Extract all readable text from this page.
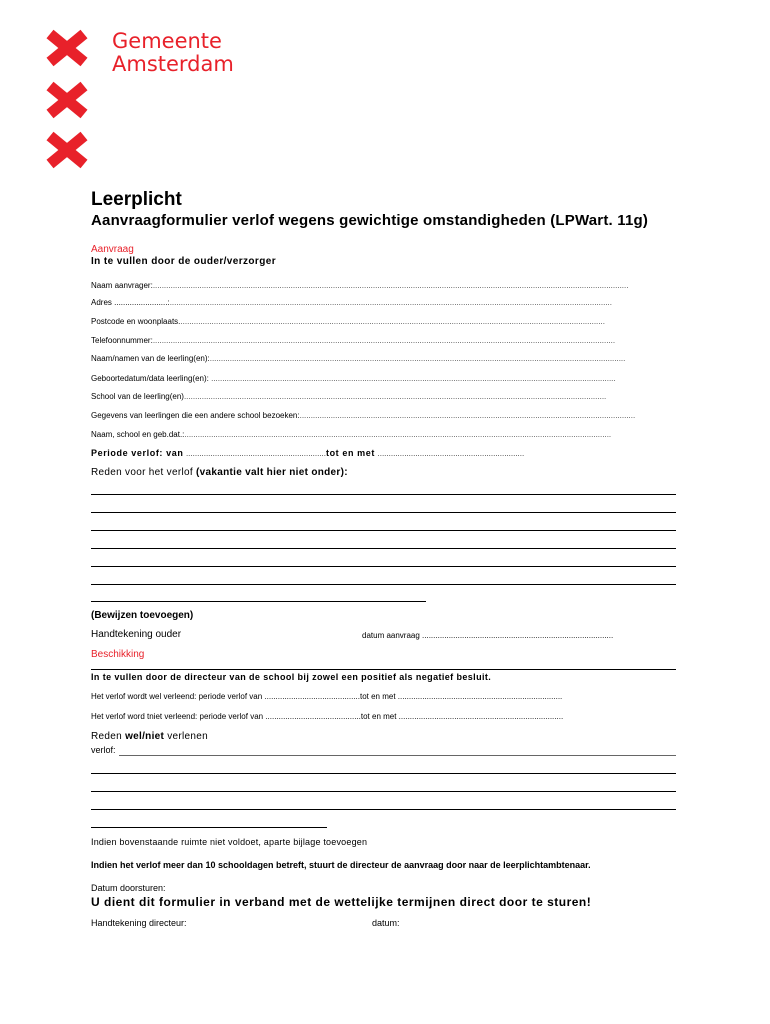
Gemeente
Amsterdam
Leerplicht
Aanvraagformulier verlof wegens gewichtige omstandigheden (LPWart. 11g)
Aanvraag
In te vullen door de ouder/verzorger
Naam aanvrager:......................................................................................................................................................................................................................
Adres ........................:.......................................................................................................................................................................................................
Postcode en woonplaats................................................................................................................................................................................................
Telefoonnummer:................................................................................................................................................................................................................
Naam/namen van de leerling(en):...........................................................................................................................................................................................
Geboortedatum/data leerling(en): ......................................................................................................................................................................................
School van de leerling(en)..............................................................................................................................................................................................
Gegevens van leerlingen die een andere school bezoeken:.......................................................................................................................................................
Naam, school en geb.dat.:................................................................................................................................................................................................
Periode verlof: van ...............................................................tot en met ..................................................................
Reden voor het verlof (vakantie valt hier niet onder):
(Bewijzen toevoegen)
Handtekening ouder	datum aanvraag ......................................................................................
Beschikking
In te vullen door de directeur van de school bij zowel een positief als negatief besluit.
Het verlof wordt wel verleend: periode verlof van ...........................................tot en met ..........................................................................
Het verlof word tniet verleend: periode verlof van ...........................................tot en met ..........................................................................
Reden wel/niet verlenen
verlof:
Indien bovenstaande ruimte niet voldoet, aparte bijlage toevoegen
Indien het verlof meer dan 10 schooldagen betreft, stuurt de directeur de aanvraag door naar de leerplichtambtenaar.
Datum doorsturen:
U dient dit formulier in verband met de wettelijke termijnen direct door te sturen!
Handtekening directeur:	datum:
